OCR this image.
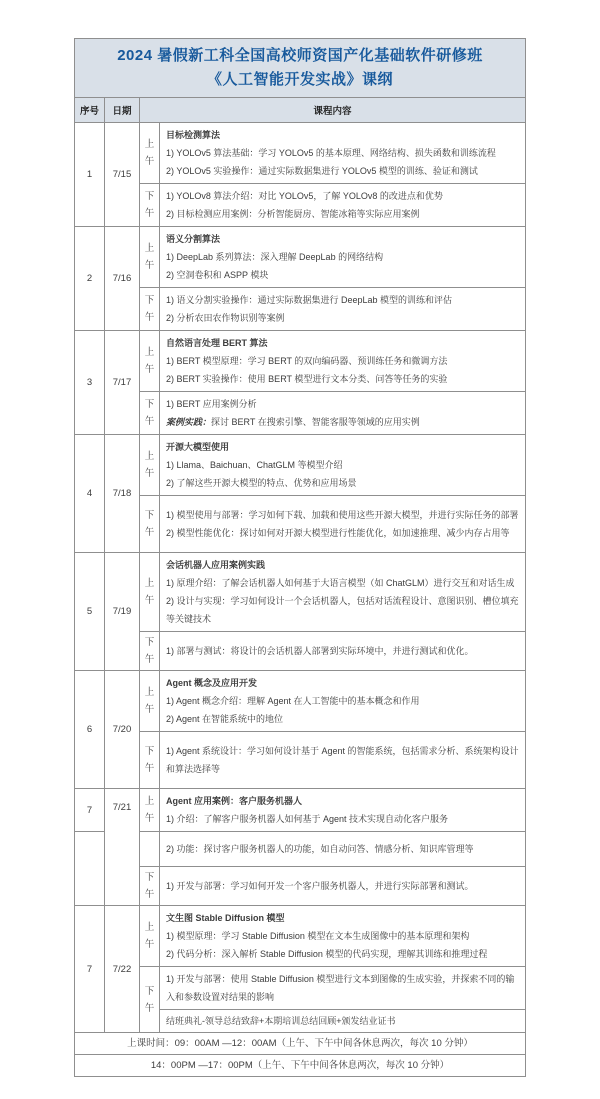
2024 暑假新工科全国高校师资国产化基础软件研修班
《人工智能开发实战》课纲			

序号	日期	课程内容	
1	7/15	上午	目标检测算法
1) YOLOv5 算法基础：学习 YOLOv5 的基本原理、网络结构、损失函数和训练流程
2) YOLOv5 实验操作：通过实际数据集进行 YOLOv5 模型的训练、验证和测试

		下午	1) YOLOv8 算法介绍：对比 YOLOv5，了解 YOLOv8 的改进点和优势
2) 目标检测应用案例：分析智能厨房、智能冰箱等实际应用案例

2	7/16	上午	语义分割算法
1) DeepLab 系列算法：深入理解 DeepLab 的网络结构
2) 空洞卷积和 ASPP 模块

		下午	1) 语义分割实验操作：通过实际数据集进行 DeepLab 模型的训练和评估
2) 分析农田农作物识别等案例

3	7/17	上午	自然语言处理 BERT 算法
1) BERT 模型原理：学习 BERT 的双向编码器、预训练任务和微调方法
2) BERT 实验操作：使用 BERT 模型进行文本分类、问答等任务的实验

		下午	1) BERT 应用案例分析
案例实践：探讨 BERT 在搜索引擎、智能客服等领域的应用实例

4	7/18	上午	开源大模型使用
1) Llama、Baichuan、ChatGLM 等模型介绍
2) 了解这些开源大模型的特点、优势和应用场景

		下午	1) 模型使用与部署：学习如何下载、加载和使用这些开源大模型，并进行实际任务的部署
2) 模型性能优化：探讨如何对开源大模型进行性能优化，如加速推理、减少内存占用等

5	7/19	上午	会话机器人应用案例实践
1) 原理介绍：了解会话机器人如何基于大语言模型（如 ChatGLM）进行交互和对话生成
2) 设计与实现：学习如何设计一个会话机器人，包括对话流程设计、意图识别、槽位填充等关键技术

		下午	1) 部署与测试：将设计的会话机器人部署到实际环境中，并进行测试和优化。

6	7/20	上午	Agent 概念及应用开发
1) Agent 概念介绍：理解 Agent 在人工智能中的基本概念和作用
2) Agent 在智能系统中的地位

		下午	1) Agent 系统设计：学习如何设计基于 Agent 的智能系统，包括需求分析、系统架构设计和算法选择等

7	7/21	上午	Agent 应用案例：客户服务机器人
1) 介绍：了解客户服务机器人如何基于 Agent 技术实现自动化客户服务

			2) 功能：探讨客户服务机器人的功能，如自动问答、情感分析、知识库管理等

		下午	1) 开发与部署：学习如何开发一个客户服务机器人，并进行实际部署和测试。

7	7/22	上午	文生图 Stable Diffusion 模型
1) 模型原理：学习 Stable Diffusion 模型在文本生成图像中的基本原理和架构
2) 代码分析：深入解析 Stable Diffusion 模型的代码实现，理解其训练和推理过程

		下午	1) 开发与部署：使用 Stable Diffusion 模型进行文本到图像的生成实验，并探索不同的输入和参数设置对结果的影响

			结班典礼-领导总结致辞+本期培训总结回顾+颁发结业证书

上课时间：09：00AM —12：00AM（上午、下午中间各休息两次，每次 10 分钟）			
14：00PM —17：00PM（上午、下午中间各休息两次，每次 10 分钟）			
